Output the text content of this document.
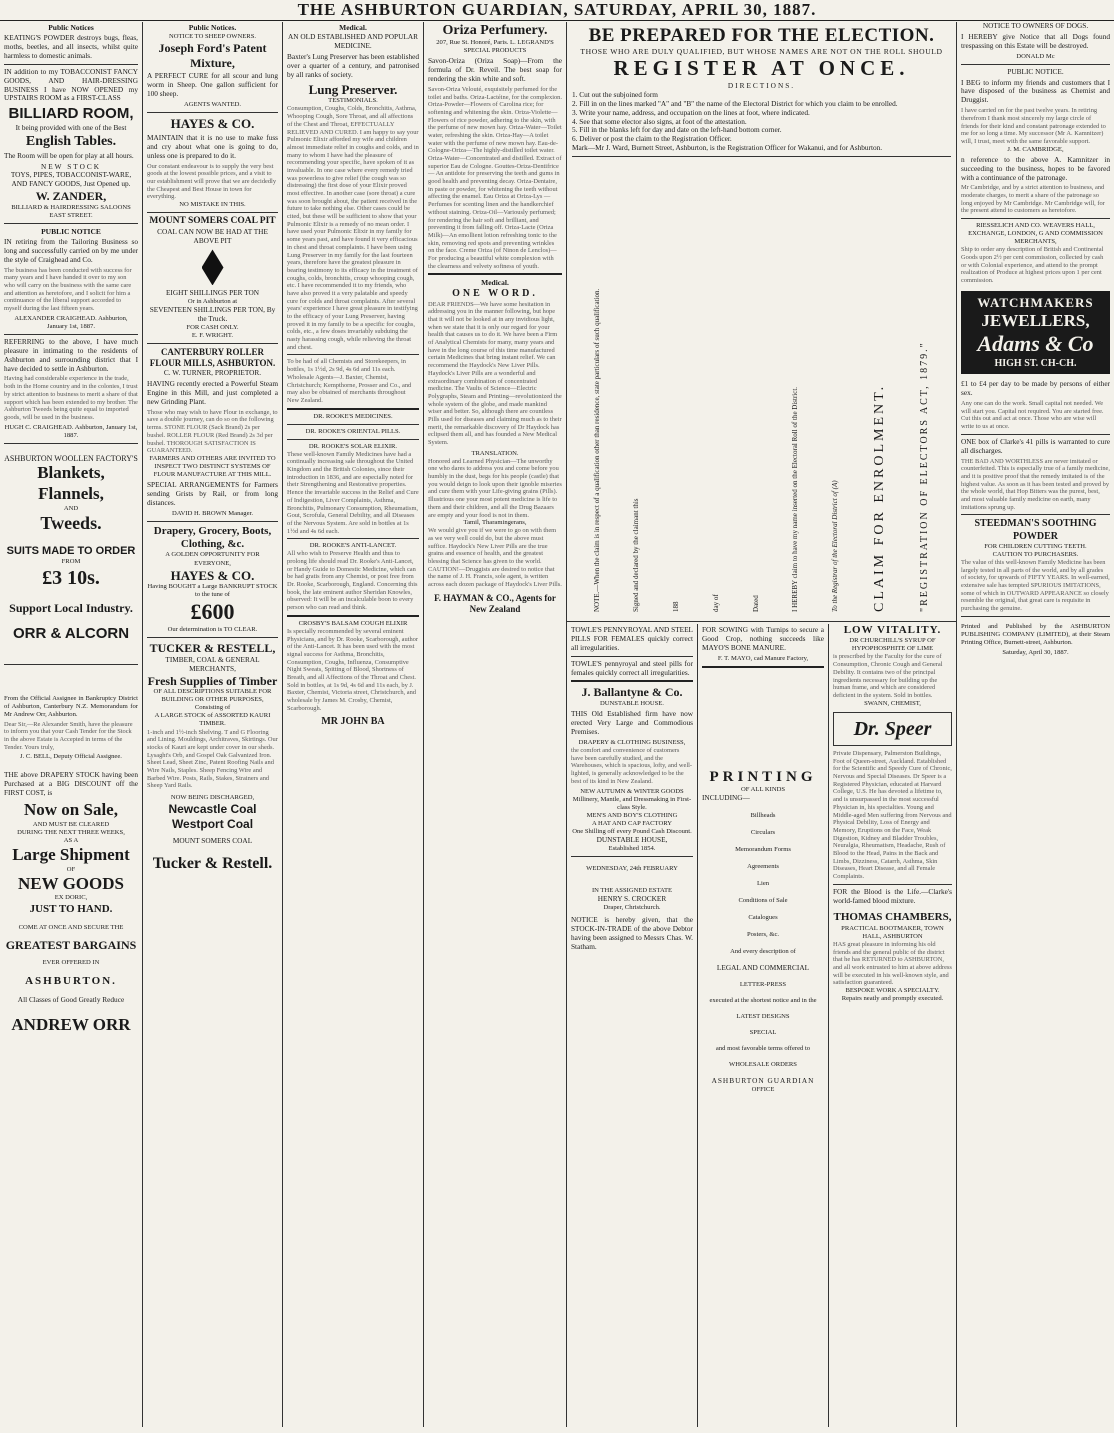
THE ASHBURTON GUARDIAN, SATURDAY, APRIL 30, 1887.
Public Notices

KEATING'S POWDER destroys bugs, fleas, moths, beetles, and all insects, whilst quite harmless to domestic animals.

IN addition to my TOBACCONIST FANCY GOODS, AND HAIR-DRESSING BUSINESS I have NOW OPENED my UPSTAIRS ROOM as a FIRST-CLASS

BILLIARD ROOM,
It being provided with one of the Best
English Tables.

The Room will be open for play at all hours.

NEW STOCK
TOYS, PIPES, TOBACCONIST-WARE, AND FANCY GOODS, Just Opened up.
W. ZANDER,
BILLIARD & HAIRDRESSING SALOONS EAST STREET.
PUBLIC NOTICE

IN retiring from the Tailoring Business so long and successfully carried on by me under the style of Craighead and Co.

The business has been conducted with success for many years and I have handed it over to my son who will carry on the business with the same care and attention as heretofore, and I solicit for him a continuance of the liberal support accorded to myself during the last fifteen years.

ALEXANDER CRAIGHEAD. Ashburton, January 1st, 1887.

REFERRING to the above, I have much pleasure in intimating to the residents of Ashburton and surrounding district that I have decided to settle in Ashburton.

Having had considerable experience in the trade, both in the Home country and in the colonies, I trust by strict attention to business to merit a share of that support which has been extended to my brother. The Ashburton Tweeds being quite equal to imported goods, will be used in the business.

HUGH C. CRAIGHEAD. Ashburton, January 1st, 1887.

ASHBURTON WOOLLEN FACTORY'S
Blankets, Flannels,
AND
Tweeds.
SUITS MADE TO ORDER
FROM
£3 10s.
Support Local Industry.
ORR & ALCORN

From the Official Assignee in Bankruptcy District of Ashburton, Canterbury N.Z. Memorandum for Mr Andrew Orr, Ashburton.

Dear Sir,—Re Alexander Smith, have the pleasure to inform you that your Cash Tender for the Stock in the above Estate is Accepted in terms of the Tender. Yours truly,

J. C. BELL, Deputy Official Assignee.

THE above DRAPERY STOCK having been Purchased at a BIG DISCOUNT off the FIRST COST, is

Now on Sale,
AND MUST BE CLEARED
DURING THE NEXT THREE WEEKS,
AS A
Large Shipment
OF
NEW GOODS
EX DORIC,
JUST TO HAND.
COME AT ONCE AND SECURE THE
GREATEST BARGAINS
EVER OFFERED IN
ASHBURTON.
All Classes of Good Greatly Reduce
ANDREW ORR
Public Notices.
NOTICE TO SHEEP OWNERS.
Joseph Ford's Patent Mixture,

A PERFECT CURE for all scour and lung worm in Sheep. One gallon sufficient for 100 sheep.

AGENTS WANTED.
HAYES & CO.

MAINTAIN that it is no use to make fuss and cry about what one is going to do, unless one is prepared to do it.

Our constant endeavour is to supply the very best goods at the lowest possible prices, and a visit to our establishment will prove that we are decidedly the Cheapest and Best House in town for everything.
NO MISTAKE IN THIS.
MOUNT SOMERS COAL PIT
COAL CAN NOW BE HAD AT THE ABOVE PIT
EIGHT SHILLINGS PER TON
Or in Ashburton at
SEVENTEEN SHILLINGS PER TON, By the Truck.
FOR CASH ONLY.
E. F. WRIGHT.
CANTERBURY ROLLER FLOUR MILLS, ASHBURTON.
C. W. TURNER, PROPRIETOR.

HAVING recently erected a Powerful Steam Engine in this Mill, and just completed a new Grinding Plant.

Those who may wish to have Flour in exchange, to save a double journey, can do so on the following terms. STONE FLOUR (Sack Brand) 2s per bushel. ROLLER FLOUR (Red Brand) 2s 3d per bushel. THOROUGH SATISFACTION IS GUARANTEED.
FARMERS AND OTHERS ARE INVITED TO INSPECT TWO DISTINCT SYSTEMS OF FLOUR MANUFACTURE AT THIS MILL.

SPECIAL ARRANGEMENTS for Farmers sending Grists by Rail, or from long distances.

DAVID H. BROWN Manager.
Drapery, Grocery, Boots, Clothing, &c.
A GOLDEN OPPORTUNITY FOR EVERYONE,
HAYES & CO.
Having BOUGHT a Large BANKRUPT STOCK to the tune of
£600
Our determination is TO CLEAR.
TUCKER & RESTELL,
TIMBER, COAL & GENERAL MERCHANTS,
Fresh Supplies of Timber
OF ALL DESCRIPTIONS SUITABLE FOR BUILDING OR OTHER PURPOSES, Consisting of
A LARGE STOCK of ASSORTED KAURI TIMBER.
1-inch and 1½-inch Shelving. T and G Flooring and Lining. Mouldings, Architraves, Skirtings. Our stocks of Kauri are kept under cover in our sheds. Lysaght's Orb, and Gospel Oak Galvanized Iron. Sheet Lead, Sheet Zinc, Patent Roofing Nails and Wire Nails, Staples. Sheep Fencing Wire and Barbed Wire. Posts, Rails, Stakes, Strainers and Sheep Yard Rails.
NOW BEING DISCHARGED,
Newcastle Coal
Westport Coal
MOUNT SOMERS COAL
Tucker & Restell.
Medical.
AN OLD ESTABLISHED AND POPULAR MEDICINE.

Baxter's Lung Preserver has been established over a quarter of a century, and patronised by all ranks of society.

Lung Preserver.
TESTIMONIALS.
Consumption, Coughs, Colds, Bronchitis, Asthma, Whooping Cough, Sore Throat, and all affections of the Chest and Throat, EFFECTUALLY RELIEVED AND CURED. I am happy to say your Pulmonic Elixir afforded my wife and children almost immediate relief in coughs and colds, and in many to whom I have had the pleasure of recommending your specific, have spoken of it as invaluable. In one case where every remedy tried was powerless to give relief (the cough was so distressing) the first dose of your Elixir proved most effective. In another case (sore throat) a cure was soon brought about, the patient received in the future to take nothing else. Other cases could be cited, but these will be sufficient to show that your Pulmonic Elixir is a remedy of no mean order. I have used your Pulmonic Elixir in my family for some years past, and have found it very efficacious in chest and throat complaints. I have been using Lung Preserver in my family for the last fourteen years, therefore have the greatest pleasure in bearing testimony to its efficacy in the treatment of coughs, colds, bronchitis, croup whooping cough, etc. I have recommended it to my friends, who have also proved it a very palatable and speedy cure for colds and throat complaints. After several years' experience I have great pleasure in testifying to the efficacy of your Lung Preserver, having proved it in my family to be a specific for coughs, colds, etc., a few doses invariably subduing the nasty harassing cough, while relieving the throat and chest.
To be had of all Chemists and Storekeepers, in bottles, 1s 1½d, 2s 9d, 4s 6d and 11s each. Wholesale Agents—J. Baxter, Chemist, Christchurch; Kempthorne, Prosser and Co., and may also be obtained of merchants throughout New Zealand.
DR. ROOKE'S MEDICINES.
DR. ROOKE'S ORIENTAL PILLS.
DR. ROOKE'S SOLAR ELIXIR.
These well-known Family Medicines have had a continually increasing sale throughout the United Kingdom and the British Colonies, since their introduction in 1836, and are especially noted for their Strengthening and Restorative properties. Hence the invariable success in the Relief and Cure of Indigestion, Liver Complaints, Asthma, Bronchitis, Pulmonary Consumption, Rheumatism, Gout, Scrofula, General Debility, and all Diseases of the Nervous System. Are sold in bottles at 1s 1½d and 4s 6d each.
DR. ROOKE'S ANTI-LANCET.
All who wish to Preserve Health and thus to prolong life should read Dr. Rooke's Anti-Lancet, or Handy Guide to Domestic Medicine, which can be had gratis from any Chemist, or post free from Dr. Rooke, Scarborough, England. Concerning this book, the late eminent author Sheridan Knowles, observed: It will be an incalculable boon to every person who can read and think.
CROSBY'S BALSAM COUGH ELIXIR
Is specially recommended by several eminent Physicians, and by Dr. Rooke, Scarborough, author of the Anti-Lancet. It has been used with the most signal success for Asthma, Bronchitis, Consumption, Coughs, Influenza, Consumptive Night Sweats, Spitting of Blood, Shortness of Breath, and all Affections of the Throat and Chest. Sold in bottles, at 1s 9d, 4s 6d and 11s each, by J. Baxter, Chemist, Victoria street, Christchurch, and wholesale by James M. Crosby, Chemist, Scarborough.
MR JOHN BA
Oriza Perfumery.
207, Rue St. Honoré, Paris. L. LEGRAND'S SPECIAL PRODUCTS

Savon-Oriza (Oriza Soap)—From the formula of Dr. Reveil. The best soap for rendering the skin white and soft.

Savon-Oriza Velouté, exquisitely perfumed for the toilet and baths. Oriza-Lactéine, for the complexion. Oriza-Powder—Flowers of Carolina rice; for softening and whitening the skin. Oriza-Violette—Flowers of rice powder, adhering to the skin, with the perfume of new mown hay. Oriza-Water—Toilet water, refreshing the skin. Oriza-Hay—A toilet water with the perfume of new mown hay. Eau-de-Cologne-Oriza—The highly-distilled toilet water. Oriza-Water—Concentrated and distilled. Extract of superior Eau de Cologne. Gouttes-Oriza-Dentifrice — An antidote for preserving the teeth and gums in good health and preventing decay. Oriza-Dentaire, in paste or powder, for whitening the teeth without affecting the enamel. Eau Oriza at Oriza-Lys — Perfumes for scenting linen and the handkerchief without staining. Oriza-Oil—Variously perfumed; for rendering the hair soft and brilliant, and preventing it from falling off. Oriza-Lacte (Oriza Milk)—An emollient lotion refreshing tonic to the skin, removing red spots and preventing wrinkles on the face. Creme Oriza (of Ninon de Lenclos)—For producing a beautiful white complexion with the clearness and velvety softness of youth.
Medical.
ONE WORD.
DEAR FRIENDS—We have some hesitation in addressing you in the manner following, but hope that it will not be looked at in any invidious light, when we state that it is only our regard for your health that causes us to do it. We have been a Firm of Analytical Chemists for many, many years and have in the long course of this time manufactured certain Medicines that bring instant relief. We can recommend the Haydock's New Liver Pills. Haydock's Liver Pills are a wonderful and extraordinary combination of concentrated medicine. The Vaults of Science—Electric Polygraphs, Steam and Printing—revolutionized the whole system of the globe, and made mankind wiser and better. So, although there are countless Pills used for diseases and claiming much as to their merit, the remarkable discovery of Dr Haydock has eclipsed them all, and has founded a New Medical System.
TRANSLATION.
Honored and Learned Physician—The unworthy one who dares to address you and come before you humbly in the dust, begs for his people (castle) that you would deign to look upon their ignoble miseries and cure them with your Life-giving grains (Pills). Illustrious one your most potent medicine is life to them and their children, and all the Drug Bazaars are empty and your food is not in them.
Tamil, Tharamingerans,
We would give you if we were to go on with them as we very well could do, but the above must suffice. Haydock's New Liver Pills are the true grains and essence of health, and the greatest blessing that Science has given to the world. CAUTION!—Druggists are desired to notice that the name of J. H. Francis, sole agent, is written across each dozen package of Haydock's Liver Pills.
F. HAYMAN & CO., Agents for New Zealand
BE PREPARED FOR THE ELECTION.
THOSE WHO ARE DULY QUALIFIED, BUT WHOSE NAMES ARE NOT ON THE ROLL SHOULD
REGISTER AT ONCE.
DIRECTIONS.
1. Cut out the subjoined form
2. Fill in on the lines marked "A" and "B" the name of the Electoral District for which you claim to be enrolled.
3. Write your name, address, and occupation on the lines at foot, where indicated.
4. See that some elector also signs, at foot of the attestation.
5. Fill in the blanks left for day and date on the left-hand bottom corner.
6. Deliver or post the claim to the Registration Officer.
Mark—Mr J. Ward, Burnett Street, Ashburton, is the Registration Officer for Wakanui, and for Ashburton.
"REGISTRATION OF ELECTORS ACT, 1879."
CLAIM FOR ENROLMENT.
To the Registrar of the Electoral District of (A)
I HEREBY claim to have my name inserted on the Electoral Roll of the District.
Dated
day of
188
Signed and declared by the claimant this
NOTE.—When the claim is in respect of a qualification other than residence, state particulars of such qualification.

TOWLE'S PENNYROYAL AND STEEL PILLS FOR FEMALES quickly correct all irregularities.

TOWLE'S pennyroyal and steel pills for females quickly correct all irregularities.

J. Ballantyne & Co.
DUNSTABLE HOUSE.

THIS Old Established firm have now erected Very Large and Commodious Premises.

DRAPERY & CLOTHING BUSINESS,
the comfort and convenience of customers have been carefully studied, and the Warehouses, which is spacious, lofty, and well-lighted, is generally acknowledged to be the best of its kind in New Zealand.
NEW AUTUMN & WINTER GOODS
Millinery, Mantle, and Dressmaking in First-class Style.
MEN'S AND BOY'S CLOTHING
A HAT AND CAP FACTORY
One Shilling off every Pound Cash Discount.
DUNSTABLE HOUSE,
Established 1854.
WEDNESDAY, 24th FEBRUARY
IN THE ASSIGNED ESTATE
HENRY S. CROCKER
Draper, Christchurch.

NOTICE is hereby given, that the STOCK-IN-TRADE of the above Debtor having been assigned to Messrs Chas. W. Statham.

FOR SOWING with Turnips to secure a Good Crop, nothing succeeds like MAYO'S BONE MANURE.

F. T. MAYO, cad Manure Factory,
PRINTING
OF ALL KINDS
INCLUDING—
Billheads
Circulars
Memorandum Forms
Agreements
Lien
Conditions of Sale
Catalogues
Posters, &c.
And every description of
LEGAL AND COMMERCIAL
LETTER-PRESS
executed at the shortest notice and in the
LATEST DESIGNS
SPECIAL
and most favorable terms offered to
WHOLESALE ORDERS
ASHBURTON GUARDIAN
OFFICE
LOW VITALITY.
DR CHURCHILL'S SYRUP OF HYPOPHOSPHITE OF LIME
is prescribed by the Faculty for the cure of Consumption, Chronic Cough and General Debility. It contains two of the principal ingredients necessary for building up the human frame, and which are considered deficient in the system. Sold in bottles.
SWANN, CHEMIST,
Dr. Speer
Private Dispensary, Palmerston Buildings, Foot of Queen-street, Auckland. Established for the Scientific and Speedy Cure of Chronic, Nervous and Special Diseases. Dr Speer is a Registered Physician, educated at Harvard College, U.S. He has devoted a lifetime to, and is unsurpassed in the most successful Physician in, his specialties. Young and Middle-aged Men suffering from Nervous and Physical Debility, Loss of Energy and Memory, Eruptions on the Face, Weak Digestion, Kidney and Bladder Troubles, Neuralgia, Rheumatism, Headache, Rush of Blood to the Head, Pains in the Back and Limbs, Dizziness, Catarrh, Asthma, Skin Diseases, Heart Disease, and all Female Complaints.

FOR the Blood is the Life.—Clarke's world-famed blood mixture.

THOMAS CHAMBERS,
PRACTICAL BOOTMAKER, TOWN HALL, ASHBURTON
HAS great pleasure in informing his old friends and the general public of the district that he has RETURNED to ASHBURTON, and all work entrusted to him at above address will be executed in his well-known style, and satisfaction guaranteed.
BESPOKE WORK A SPECIALTY.
Repairs neatly and promptly executed.
NOTICE TO OWNERS OF DOGS.

I HEREBY give Notice that all Dogs found trespassing on this Estate will be destroyed.

DONALD Mc
PUBLIC NOTICE.

I BEG to inform my friends and customers that I have disposed of the business as Chemist and Druggist.

I have carried on for the past twelve years. In retiring therefrom I thank most sincerely my large circle of friends for their kind and constant patronage extended to me for so long a time. My successor (Mr A. Kamnitzer) will, I trust, meet with the same favorable support.
J. M. CAMBRIDGE,

n reference to the above A. Kamnitzer in succeeding to the business, hopes to be favored with a continuance of the patronage.

Mr Cambridge, and by a strict attention to business, and moderate charges, to merit a share of the patronage so long enjoyed by Mr Cambridge. Mr Cambridge will, for the present attend to customers as heretofore.
RIESSELICH AND CO. WEAVERS HALL, EXCHANGE, LONDON, G AND COMMISSION MERCHANTS,
Ship to order any description of British and Continental Goods upon 2½ per cent commission, collected by cash or with Colonial experience, and attend to the prompt realization of Produce at highest prices upon 1 per cent commission.
WATCHMAKERS
JEWELLERS,
Adams & Co
HIGH ST. CH-CH.

£1 to £4 per day to be made by persons of either sex.

Any one can do the work. Small capital not needed. We will start you. Capital not required. You are started free. Cut this out and act at once. Those who are wise will write to us at once.

ONE box of Clarke's 41 pills is warranted to cure all discharges.

THE BAD AND WORTHLESS are never imitated or counterfeited. This is especially true of a family medicine, and it is positive proof that the remedy imitated is of the highest value. As soon as it has been tested and proved by the whole world, that Hop Bitters was the purest, best, and most valuable family medicine on earth, many imitations sprung up.
STEEDMAN'S SOOTHING POWDER
FOR CHILDREN CUTTING TEETH.
CAUTION TO PURCHASERS.
The value of this well-known Family Medicine has been largely tested in all parts of the world, and by all grades of society, for upwards of FIFTY YEARS. In well-earned, extensive sale has tempted SPURIOUS IMITATIONS, some of which in OUTWARD APPEARANCE so closely resemble the original, that great care is requisite in purchasing the genuine.

Printed and Published by the ASHBURTON PUBLISHING COMPANY (LIMITED), at their Steam Printing Office, Burnett-street, Ashburton.

Saturday, April 30, 1887.
